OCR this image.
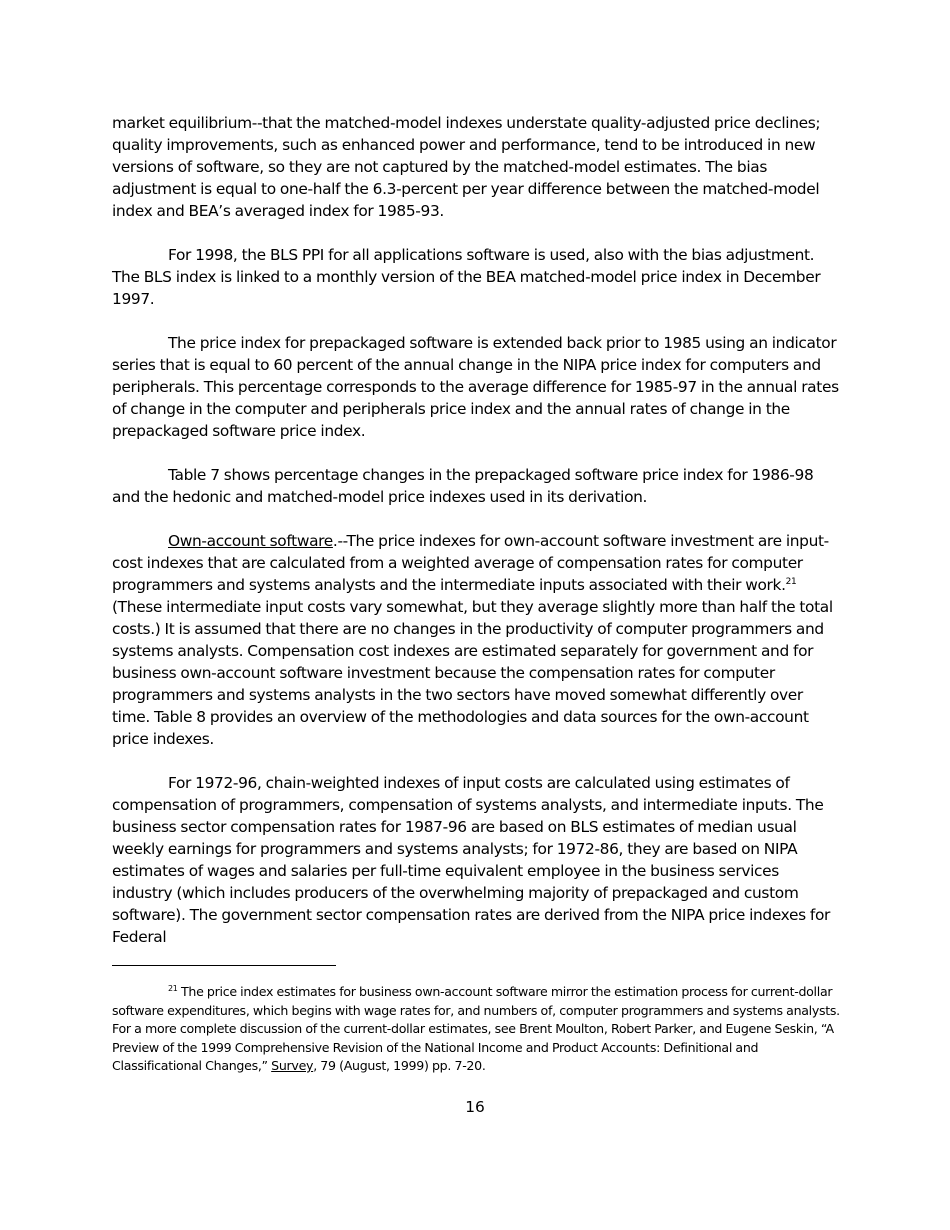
market equilibrium--that the matched-model indexes understate quality-adjusted price declines; quality improvements, such as enhanced power and performance, tend to be introduced in new versions of software, so they are not captured by the matched-model estimates. The bias adjustment is equal to one-half the 6.3-percent per year difference between the matched-model index and BEA’s averaged index for 1985-93.

For 1998, the BLS PPI for all applications software is used, also with the bias adjustment. The BLS index is linked to a monthly version of the BEA matched-model price index in December 1997.

The price index for prepackaged software is extended back prior to 1985 using an indicator series that is equal to 60 percent of the annual change in the NIPA price index for computers and peripherals. This percentage corresponds to the average difference for 1985-97 in the annual rates of change in the computer and peripherals price index and the annual rates of change in the prepackaged software price index.

Table 7 shows percentage changes in the prepackaged software price index for 1986-98 and the hedonic and matched-model price indexes used in its derivation.

Own-account software.--The price indexes for own-account software investment are input-cost indexes that are calculated from a weighted average of compensation rates for computer programmers and systems analysts and the intermediate inputs associated with their work.$^{21}$ (These intermediate input costs vary somewhat, but they average slightly more than half the total costs.) It is assumed that there are no changes in the productivity of computer programmers and systems analysts. Compensation cost indexes are estimated separately for government and for business own-account software investment because the compensation rates for computer programmers and systems analysts in the two sectors have moved somewhat differently over time. Table 8 provides an overview of the methodologies and data sources for the own-account price indexes.

For 1972-96, chain-weighted indexes of input costs are calculated using estimates of compensation of programmers, compensation of systems analysts, and intermediate inputs. The business sector compensation rates for 1987-96 are based on BLS estimates of median usual weekly earnings for programmers and systems analysts; for 1972-86, they are based on NIPA estimates of wages and salaries per full-time equivalent employee in the business services industry (which includes producers of the overwhelming majority of prepackaged and custom software). The government sector compensation rates are derived from the NIPA price indexes for Federal

$^{21}$ The price index estimates for business own-account software mirror the estimation process for current-dollar software expenditures, which begins with wage rates for, and numbers of, computer programmers and systems analysts. For a more complete discussion of the current-dollar estimates, see Brent Moulton, Robert Parker, and Eugene Seskin, “A Preview of the 1999 Comprehensive Revision of the National Income and Product Accounts: Definitional and Classificational Changes,” Survey, 79 (August, 1999) pp. 7-20.

16
